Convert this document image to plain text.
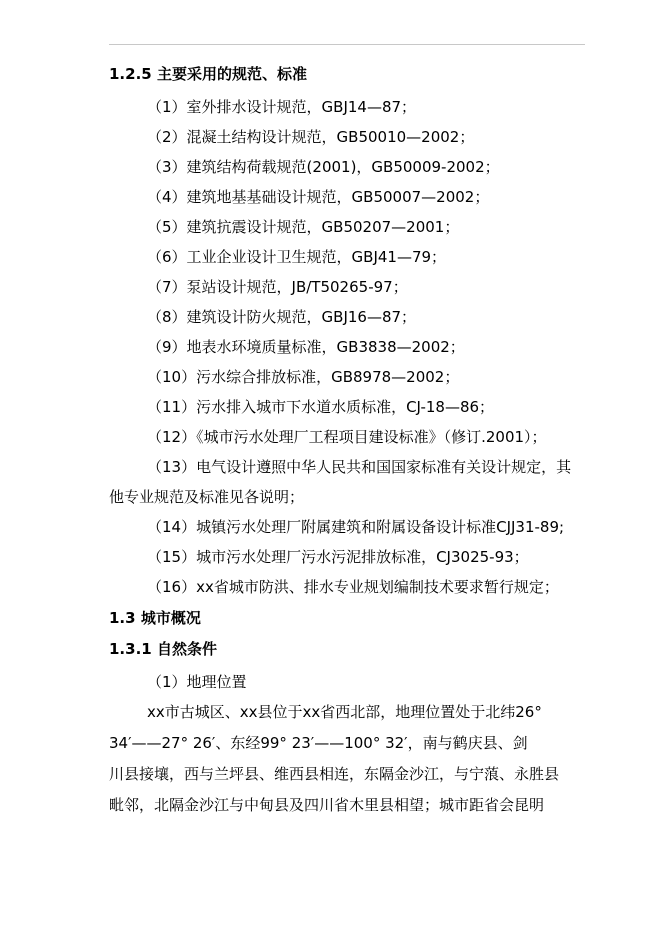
1.2.5 主要采用的规范、标准
（1）室外排水设计规范，GBJ14—87；
（2）混凝土结构设计规范，GB50010—2002；
（3）建筑结构荷载规范(2001)，GB50009-2002；
（4）建筑地基基础设计规范，GB50007—2002；
（5）建筑抗震设计规范，GB50207—2001；
（6）工业企业设计卫生规范，GBJ41—79；
（7）泵站设计规范，JB/T50265-97；
（8）建筑设计防火规范，GBJ16—87；
（9）地表水环境质量标准，GB3838—2002；
（10）污水综合排放标准，GB8978—2002；
（11）污水排入城市下水道水质标准，CJ-18—86；
（12）《城市污水处理厂工程项目建设标准》（修订.2001）；
（13）电气设计遵照中华人民共和国国家标准有关设计规定，其
他专业规范及标准见各说明；
（14）城镇污水处理厂附属建筑和附属设备设计标准CJJ31-89;
（15）城市污水处理厂污水污泥排放标准，CJ3025-93；
（16）xx省城市防洪、排水专业规划编制技术要求暂行规定；
1.3 城市概况
1.3.1 自然条件
（1）地理位置
xx市古城区、xx县位于xx省西北部，地理位置处于北纬26°
34′——27° 26′、东经99° 23′——100° 32′，南与鹤庆县、剑
川县接壤，西与兰坪县、维西县相连，东隔金沙江，与宁蒗、永胜县
毗邻，北隔金沙江与中甸县及四川省木里县相望；城市距省会昆明
